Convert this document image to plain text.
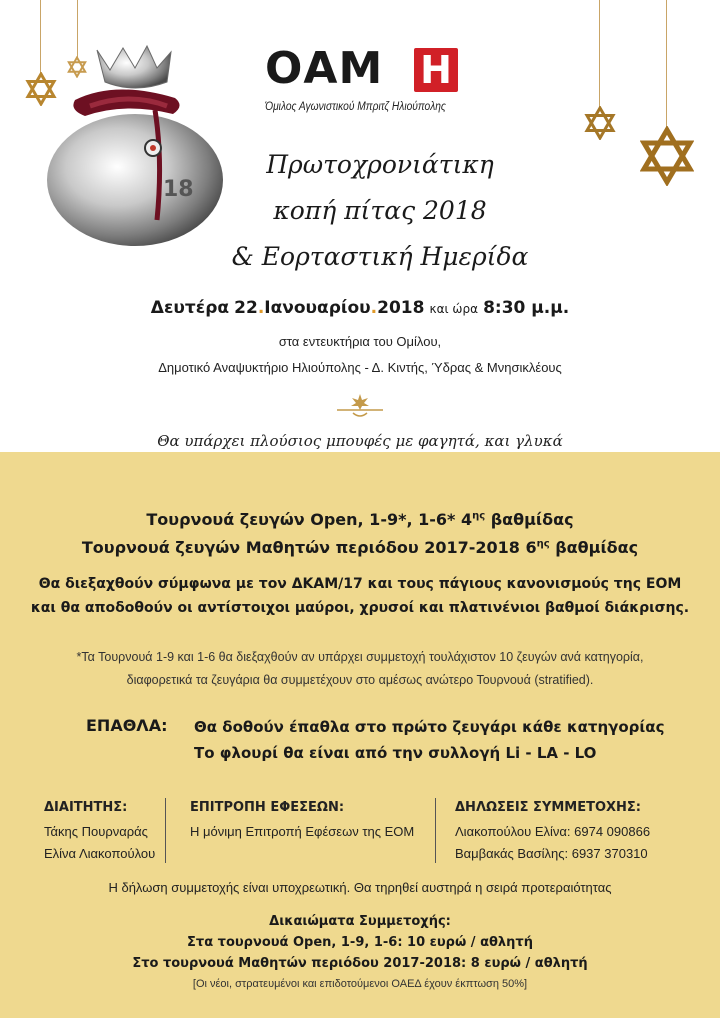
18
ΟΑΜ Η
Όμιλος Αγωνιστικού Μπριτζ Ηλιούπολης
Πρωτοχρονιάτικη
κοπή πίτας 2018
& Εορταστική Ημερίδα
Δευτέρα 22.Ιανουαρίου.2018 και ώρα 8:30 μ.μ.
στα εντευκτήρια του Ομίλου,
Δημοτικό Αναψυκτήριο Ηλιούπολης - Δ. Κιντής, Ύδρας & Μνησικλέους
Θα υπάρχει πλούσιος μπουφές με φαγητά, και γλυκά
Τουρνουά ζευγών Open, 1-9*, 1-6* $4^{\eta\varsigma}$ βαθμίδας
Τουρνουά ζευγών Μαθητών περιόδου 2017-2018 $6^{\eta\varsigma}$ βαθμίδας
Θα διεξαχθούν σύμφωνα με τον ΔΚΑΜ/17 και τους πάγιους κανονισμούς της ΕΟΜ
και θα αποδοθούν οι αντίστοιχοι μαύροι, χρυσοί και πλατινένιοι βαθμοί διάκρισης.
*Τα Τουρνουά 1-9 και 1-6 θα διεξαχθούν αν υπάρχει συμμετοχή τουλάχιστον 10 ζευγών ανά κατηγορία,
διαφορετικά τα ζευγάρια θα συμμετέχουν στο αμέσως ανώτερο Τουρνουά (stratified).
ΕΠΑΘΛΑ: Θα δοθούν έπαθλα στο πρώτο ζευγάρι κάθε κατηγορίας
Το φλουρί θα είναι από την συλλογή Li - LA - LO
ΔΙΑΙΤΗΤΗΣ:
Τάκης Πουρναράς
Ελίνα Λιακοπούλου
ΕΠΙΤΡΟΠΗ ΕΦΕΣΕΩΝ:
Η μόνιμη Επιτροπή Εφέσεων της ΕΟΜ
ΔΗΛΩΣΕΙΣ ΣΥΜΜΕΤΟΧΗΣ:
Λιακοπούλου Ελίνα: 6974 090866
Βαμβακάς Βασίλης: 6937 370310
Η δήλωση συμμετοχής είναι υποχρεωτική. Θα τηρηθεί αυστηρά η σειρά προτεραιότητας
Δικαιώματα Συμμετοχής:
Στα τουρνουά Open, 1-9, 1-6: 10 ευρώ / αθλητή
Στο τουρνουά Μαθητών περιόδου 2017-2018: 8 ευρώ / αθλητή
[Οι νέοι, στρατευμένοι και επιδοτούμενοι ΟΑΕΔ έχουν έκπτωση 50%]
